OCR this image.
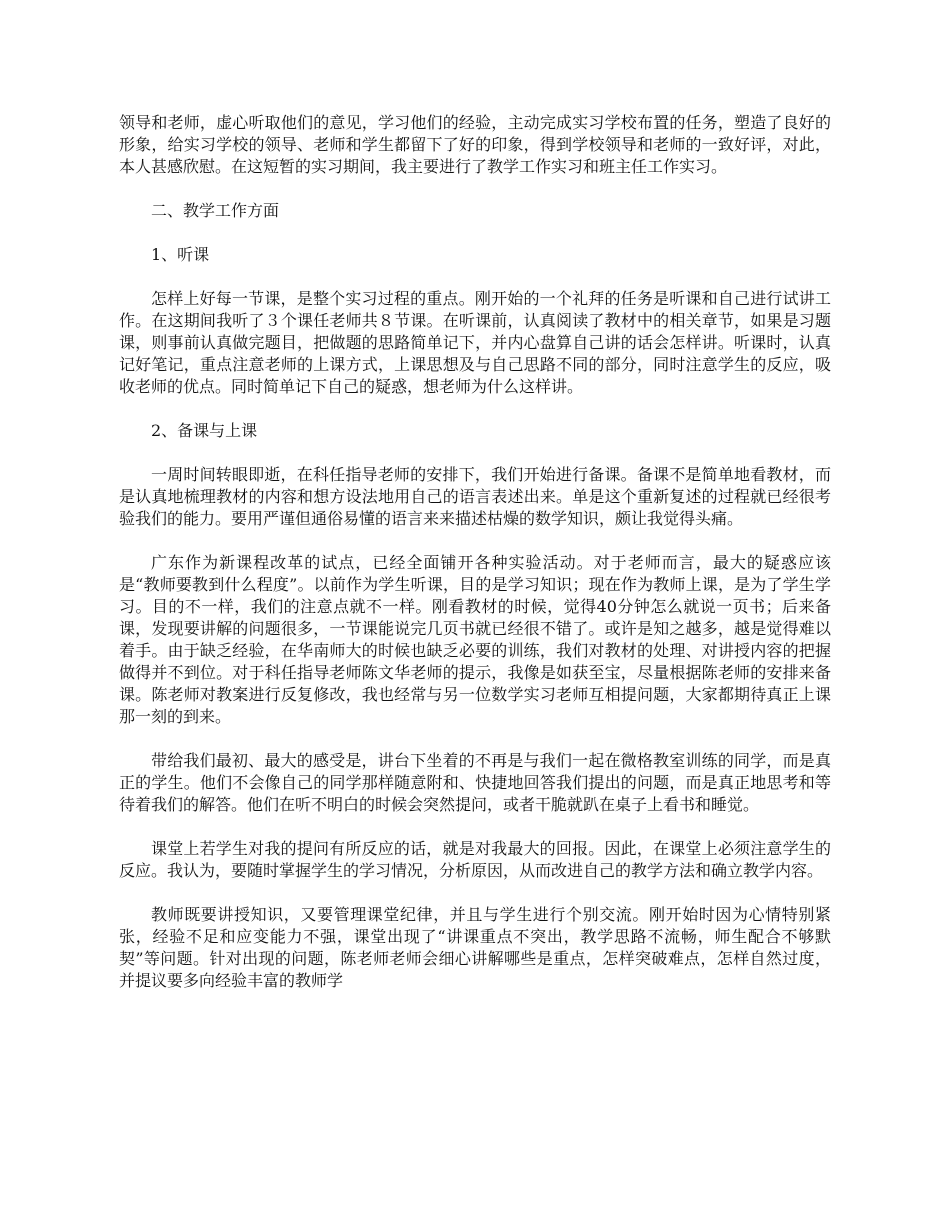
领导和老师，虚心听取他们的意见，学习他们的经验，主动完成实习学校布置的任务，塑造了良好的形象，给实习学校的领导、老师和学生都留下了好的印象，得到学校领导和老师的一致好评，对此，本人甚感欣慰。在这短暂的实习期间，我主要进行了教学工作实习和班主任工作实习。

二、教学工作方面

1、听课

怎样上好每一节课，是整个实习过程的重点。刚开始的一个礼拜的任务是听课和自己进行试讲工作。在这期间我听了３个课任老师共８节课。在听课前，认真阅读了教材中的相关章节，如果是习题课，则事前认真做完题目，把做题的思路简单记下，并内心盘算自己讲的话会怎样讲。听课时，认真记好笔记，重点注意老师的上课方式，上课思想及与自己思路不同的部分，同时注意学生的反应，吸收老师的优点。同时简单记下自己的疑惑，想老师为什么这样讲。

2、备课与上课

一周时间转眼即逝，在科任指导老师的安排下，我们开始进行备课。备课不是简单地看教材，而是认真地梳理教材的内容和想方设法地用自己的语言表述出来。单是这个重新复述的过程就已经很考验我们的能力。要用严谨但通俗易懂的语言来来描述枯燥的数学知识，颇让我觉得头痛。

广东作为新课程改革的试点，已经全面铺开各种实验活动。对于老师而言，最大的疑惑应该是“教师要教到什么程度”。以前作为学生听课，目的是学习知识；现在作为教师上课，是为了学生学习。目的不一样，我们的注意点就不一样。刚看教材的时候，觉得40分钟怎么就说一页书；后来备课，发现要讲解的问题很多，一节课能说完几页书就已经很不错了。或许是知之越多，越是觉得难以着手。由于缺乏经验，在华南师大的时候也缺乏必要的训练，我们对教材的处理、对讲授内容的把握做得并不到位。对于科任指导老师陈文华老师的提示，我像是如获至宝，尽量根据陈老师的安排来备课。陈老师对教案进行反复修改，我也经常与另一位数学实习老师互相提问题，大家都期待真正上课那一刻的到来。

带给我们最初、最大的感受是，讲台下坐着的不再是与我们一起在微格教室训练的同学，而是真正的学生。他们不会像自己的同学那样随意附和、快捷地回答我们提出的问题，而是真正地思考和等待着我们的解答。他们在听不明白的时候会突然提问，或者干脆就趴在桌子上看书和睡觉。

课堂上若学生对我的提问有所反应的话，就是对我最大的回报。因此，在课堂上必须注意学生的反应。我认为，要随时掌握学生的学习情况，分析原因，从而改进自己的教学方法和确立教学内容。

教师既要讲授知识，又要管理课堂纪律，并且与学生进行个别交流。刚开始时因为心情特别紧张，经验不足和应变能力不强，课堂出现了“讲课重点不突出，教学思路不流畅，师生配合不够默契”等问题。针对出现的问题，陈老师老师会细心讲解哪些是重点，怎样突破难点，怎样自然过度，并提议要多向经验丰富的教师学
